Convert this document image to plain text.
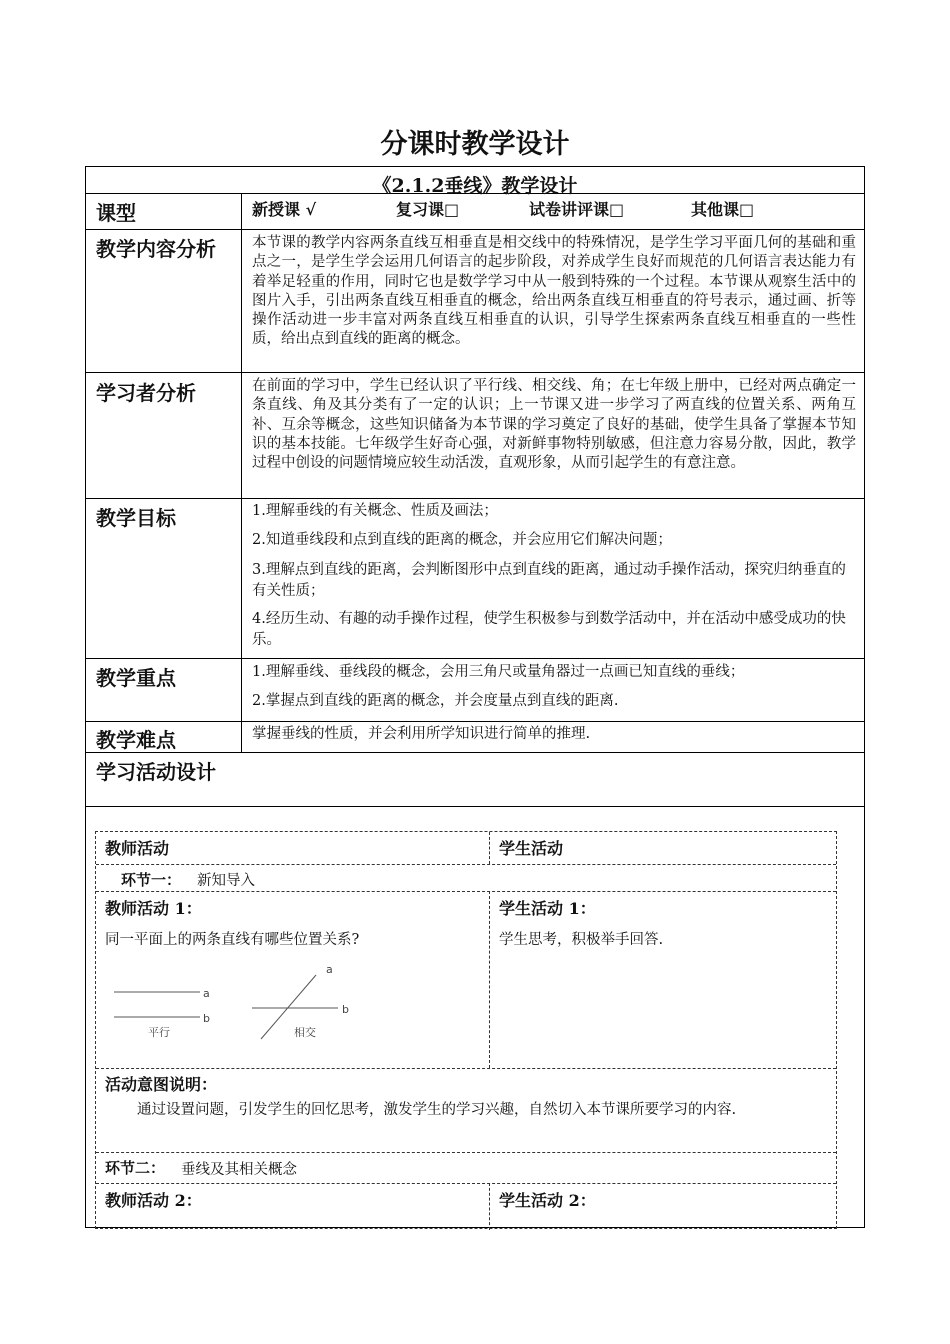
分课时教学设计
《2.1.2垂线》教学设计
课型	新授课 √	复习课□	试卷讲评课□	其他课□
教学内容分析 本节课的教学内容两条直线互相垂直是相交线中的特殊情况，是学生学习平面几何的基础和重点之一，是学生学会运用几何语言的起步阶段，对养成学生良好而规范的几何语言表达能力有着举足轻重的作用，同时它也是数学学习中从一般到特殊的一个过程。本节课从观察生活中的图片入手，引出两条直线互相垂直的概念，给出两条直线互相垂直的符号表示，通过画、折等操作活动进一步丰富对两条直线互相垂直的认识，引导学生探索两条直线互相垂直的一些性质，给出点到直线的距离的概念。
学习者分析	在前面的学习中，学生已经认识了平行线、相交线、角；在七年级上册中，已经对两点确定一条直线、角及其分类有了一定的认识；上一节课又进一步学习了两直线的位置关系、两角互补、互余等概念，这些知识储备为本节课的学习奠定了良好的基础，使学生具备了掌握本节知识的基本技能。七年级学生好奇心强，对新鲜事物特别敏感，但注意力容易分散，因此，教学过程中创设的问题情境应较生动活泼，直观形象，从而引起学生的有意注意。
教学目标	1.理解垂线的有关概念、性质及画法；
2.知道垂线段和点到直线的距离的概念，并会应用它们解决问题；
3.理解点到直线的距离，会判断图形中点到直线的距离，通过动手操作活动，探究归纳垂直的有关性质；
4.经历生动、有趣的动手操作过程，使学生积极参与到数学活动中，并在活动中感受成功的快乐。
教学重点	1.理解垂线、垂线段的概念，会用三角尺或量角器过一点画已知直线的垂线；
2.掌握点到直线的距离的概念，并会度量点到直线的距离.
教学难点	掌握垂线的性质，并会利用所学知识进行简单的推理.
学习活动设计
教师活动	学生活动
环节一： 新知导入
教师活动 1：
同一平面上的两条直线有哪些位置关系?
学生活动 1：
学生思考，积极举手回答.
a
b
平行
a
b
相交
活动意图说明：
通过设置问题，引发学生的回忆思考，激发学生的学习兴趣，自然切入本节课所要学习的内容.
环节二： 垂线及其相关概念
教师活动 2：	学生活动 2：
